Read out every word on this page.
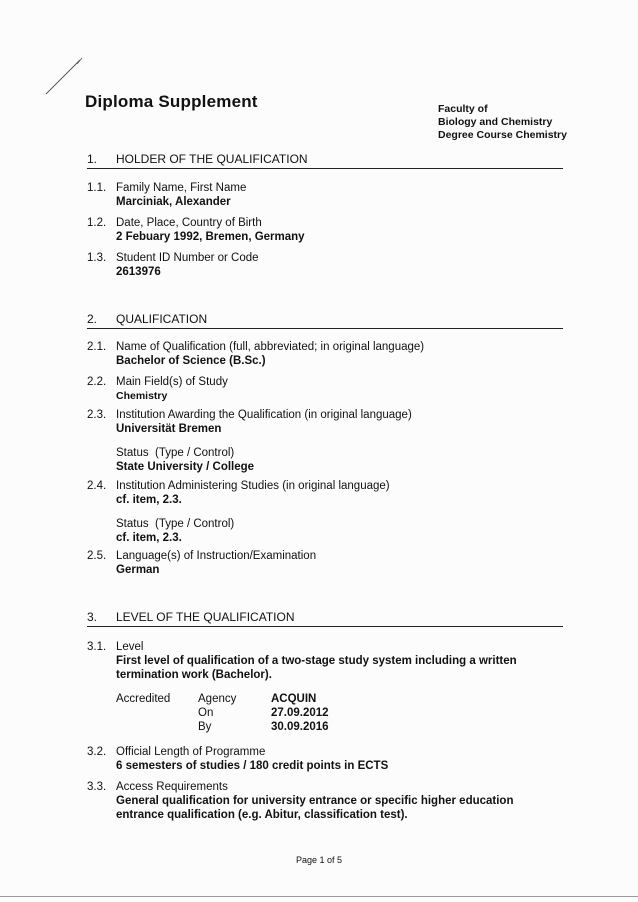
Diploma Supplement	Faculty of
Biology and Chemistry
Degree Course Chemistry
1. HOLDER OF THE QUALIFICATION
1.1. Family Name, First Name
Marciniak, Alexander
1.2. Date, Place, Country of Birth
2 Febuary 1992, Bremen, Germany
1.3. Student ID Number or Code
2613976
2. QUALIFICATION
2.1. Name of Qualification (full, abbreviated; in original language)
Bachelor of Science (B.Sc.)
2.2. Main Field(s) of Study
Chemistry
2.3. Institution Awarding the Qualification (in original language)
Universität Bremen
Status  (Type / Control)
State University / College
2.4. Institution Administering Studies (in original language)
cf. item, 2.3.
Status  (Type / Control)
cf. item, 2.3.
2.5. Language(s) of Instruction/Examination
German
3. LEVEL OF THE QUALIFICATION
3.1. Level
First level of qualification of a two-stage study system including a written
termination work (Bachelor).
Accredited Agency
On
By
ACQUIN
27.09.2012
30.09.2016
3.2. Official Length of Programme
6 semesters of studies / 180 credit points in ECTS
3.3. Access Requirements
General qualification for university entrance or specific higher education
entrance qualification (e.g. Abitur, classification test).
Page 1 of 5
